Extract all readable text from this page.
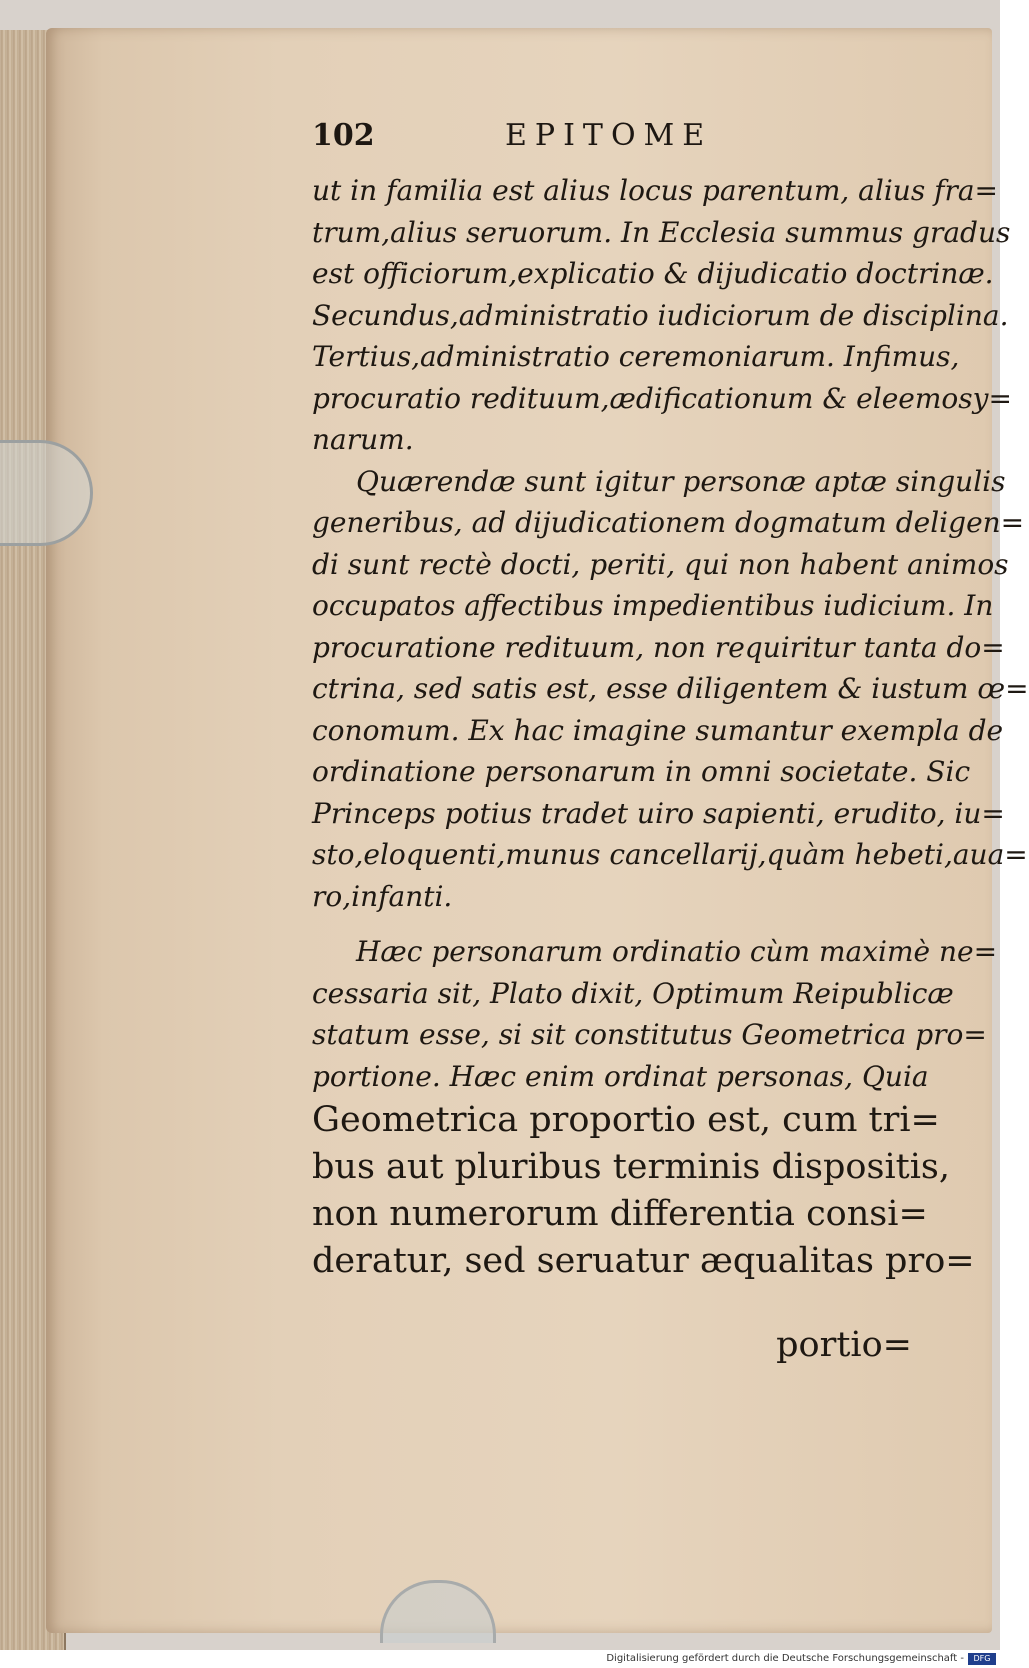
102	EPITOME
ut in familia est alius locus parentum, alius fra=
trum,alius seruorum. In Ecclesia summus gradus
est officiorum,explicatio & dijudicatio doctrinæ.
Secundus,administratio iudiciorum de disciplina.
Tertius,administratio ceremoniarum. Infimus,
procuratio redituum,ædificationum & eleemosy=
narum.
Quærendæ sunt igitur personæ aptæ singulis
generibus, ad dijudicationem dogmatum deligen=
di sunt rectè docti, periti, qui non habent animos
occupatos affectibus impedientibus iudicium. In
procuratione redituum, non requiritur tanta do=
ctrina, sed satis est, esse diligentem & iustum œ=
conomum. Ex hac imagine sumantur exempla de
ordinatione personarum in omni societate. Sic
Princeps potius tradet uiro sapienti, erudito, iu=
sto,eloquenti,munus cancellarij,quàm hebeti,aua=
ro,infanti.
Hæc personarum ordinatio cùm maximè ne=
cessaria sit, Plato dixit, Optimum Reipublicæ
statum esse, si sit constitutus Geometrica pro=
portione. Hæc enim ordinat personas, Quia
Geometrica proportio est, cum tri=
bus aut pluribus terminis dispositis,
non numerorum differentia consi=
deratur, sed seruatur æqualitas pro=
portio=
Digitalisierung gefördert durch die Deutsche Forschungsgemeinschaft -	DFG
